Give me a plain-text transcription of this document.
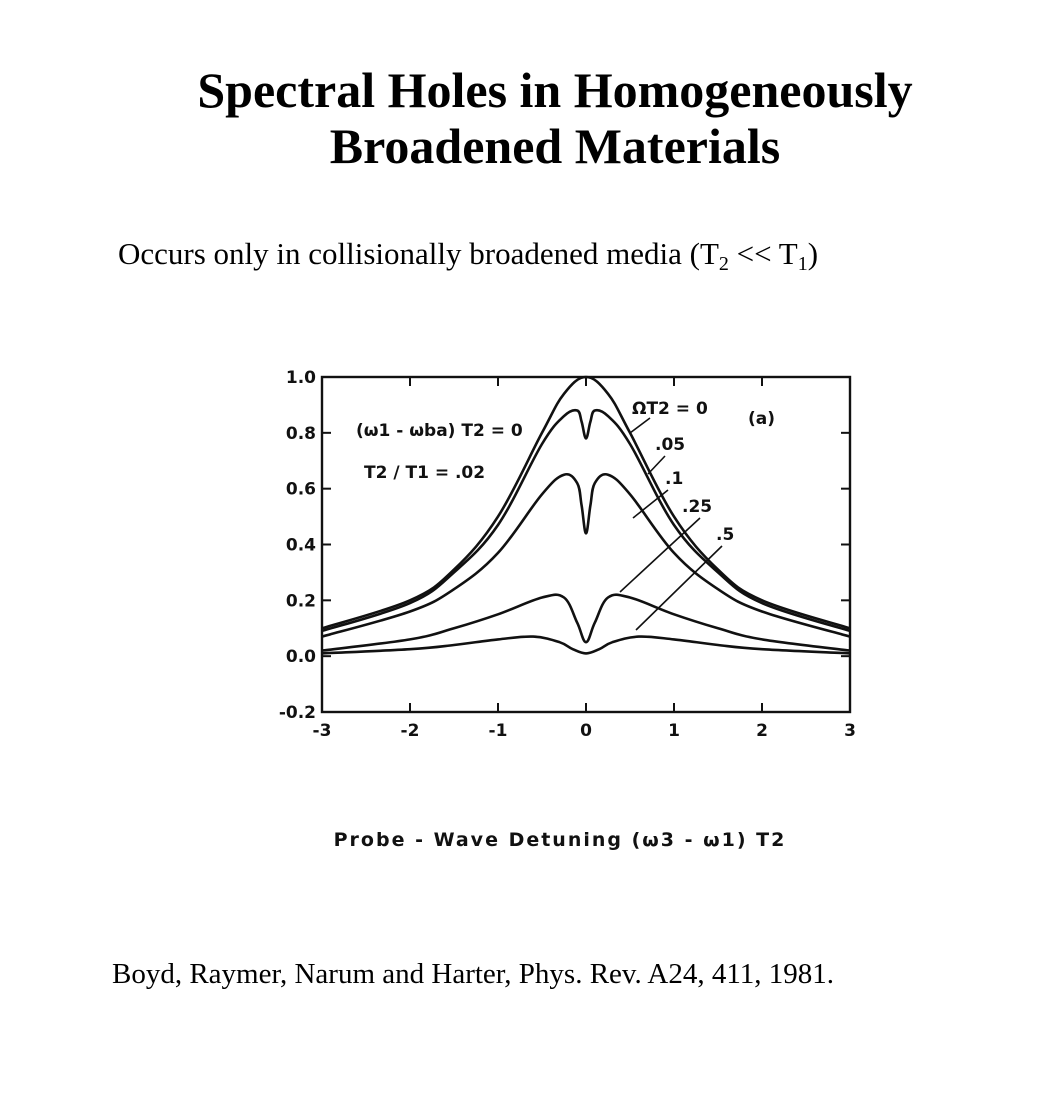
Spectral Holes in Homogeneously
Broadened Materials
Occurs only in collisionally broadened media $(T_2 << T_1)$
-3	-2	-1	0	1	2	3
1.0
0.8
0.6
0.4
0.2
0.0
-0.2
ΩT2 = 0
.05
.1
.25
.5
(ω1 - ωba) T2 = 0
T2 / T1 = .02
(a)
Probe - Wave Detuning (ω3 - ω1) T2
Boyd, Raymer, Narum and Harter, Phys. Rev. A24, 411, 1981.
